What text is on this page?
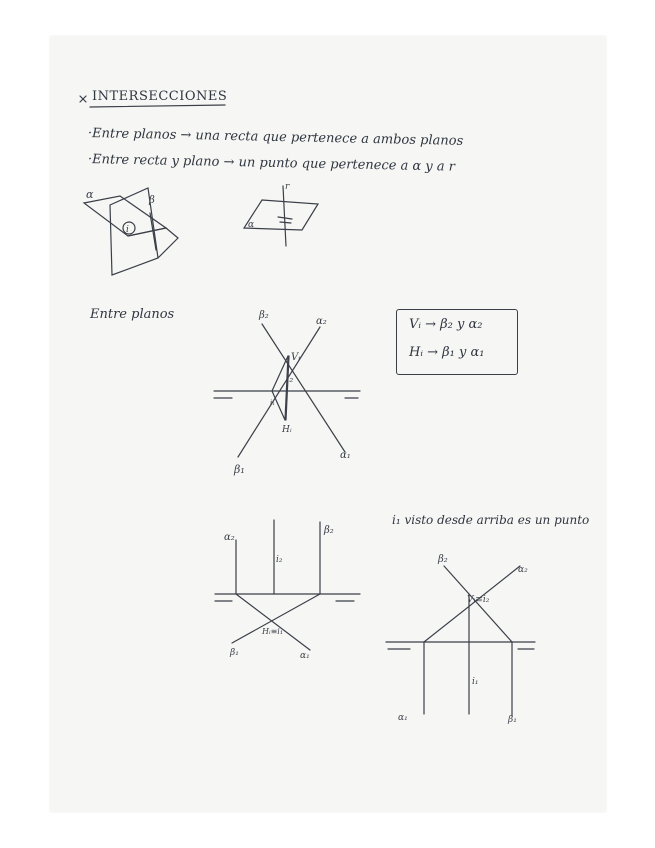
α	β
i
r
α
β₂
α₂
Vᵢ
i₂
i₁
Hᵢ
β₁
α₁
α₂
i₂
β₂
Hᵢ≡i₁
β₁	α₁
β₂
α₂
Vᵢ≡i₂
i₁
α₁	β₁
INTERSECCIONES
·Entre planos → una recta que pertenece a ambos planos
·Entre recta y plano → un punto que pertenece a α y a r
Entre planos
Vᵢ → β₂ y α₂
Hᵢ → β₁ y α₁
i₁ visto desde arriba es un punto
